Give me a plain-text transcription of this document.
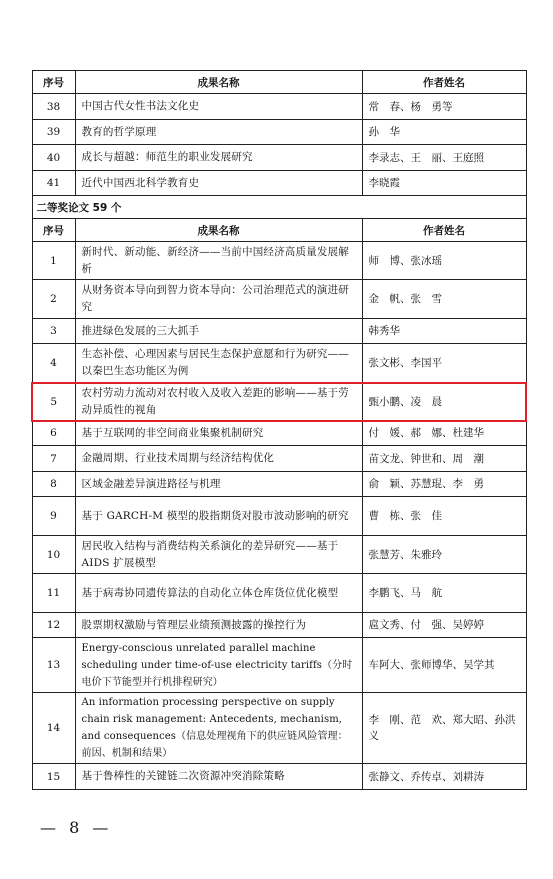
序号	成果名称	作者姓名
38	中国古代女性书法文化史	常　春、杨　勇等
39	教育的哲学原理	孙　华
40	成长与超越：师范生的职业发展研究	李录志、王　丽、王庭照
41	近代中国西北科学教育史	李晓霞
二等奖论文 59 个		
序号	成果名称	作者姓名
1	新时代、新动能、新经济——当前中国经济高质量发展解析	师　博、张冰瑶
2	从财务资本导向到智力资本导向：公司治理范式的演进研究	金　帆、张　雪
3	推进绿色发展的三大抓手	韩秀华
4	生态补偿、心理因素与居民生态保护意愿和行为研究——以秦巴生态功能区为例	张文彬、李国平
5	农村劳动力流动对农村收入及收入差距的影响——基于劳动异质性的视角	甄小鹏、凌　晨
6	基于互联网的非空间商业集聚机制研究	付　媛、郝　娜、杜建华
7	金融周期、行业技术周期与经济结构优化	苗文龙、钟世和、周　潮
8	区域金融差异演进路径与机理	俞　颖、苏慧琨、李　勇
9	基于 GARCH-M 模型的股指期货对股市波动影响的研究	曹　栋、张　佳
10	居民收入结构与消费结构关系演化的差异研究——基于 AIDS 扩展模型	张慧芳、朱雅玲
11	基于病毒协同遗传算法的自动化立体仓库货位优化模型	李鹏飞、马　航
12	股票期权激励与管理层业绩预测披露的操控行为	扈文秀、付　强、吴婷婷
13	Energy-conscious unrelated parallel machine scheduling under time-of-use electricity tariffs（分时电价下节能型并行机排程研究）	车阿大、张师博华、吴学其
14	An information processing perspective on supply chain risk management: Antecedents, mechanism, and consequences（信息处理视角下的供应链风险管理：前因、机制和结果）	李　刚、范　欢、郑大昭、孙洪义
15	基于鲁棒性的关键链二次资源冲突消除策略	张静文、乔传卓、刘耕涛
— 8 —
